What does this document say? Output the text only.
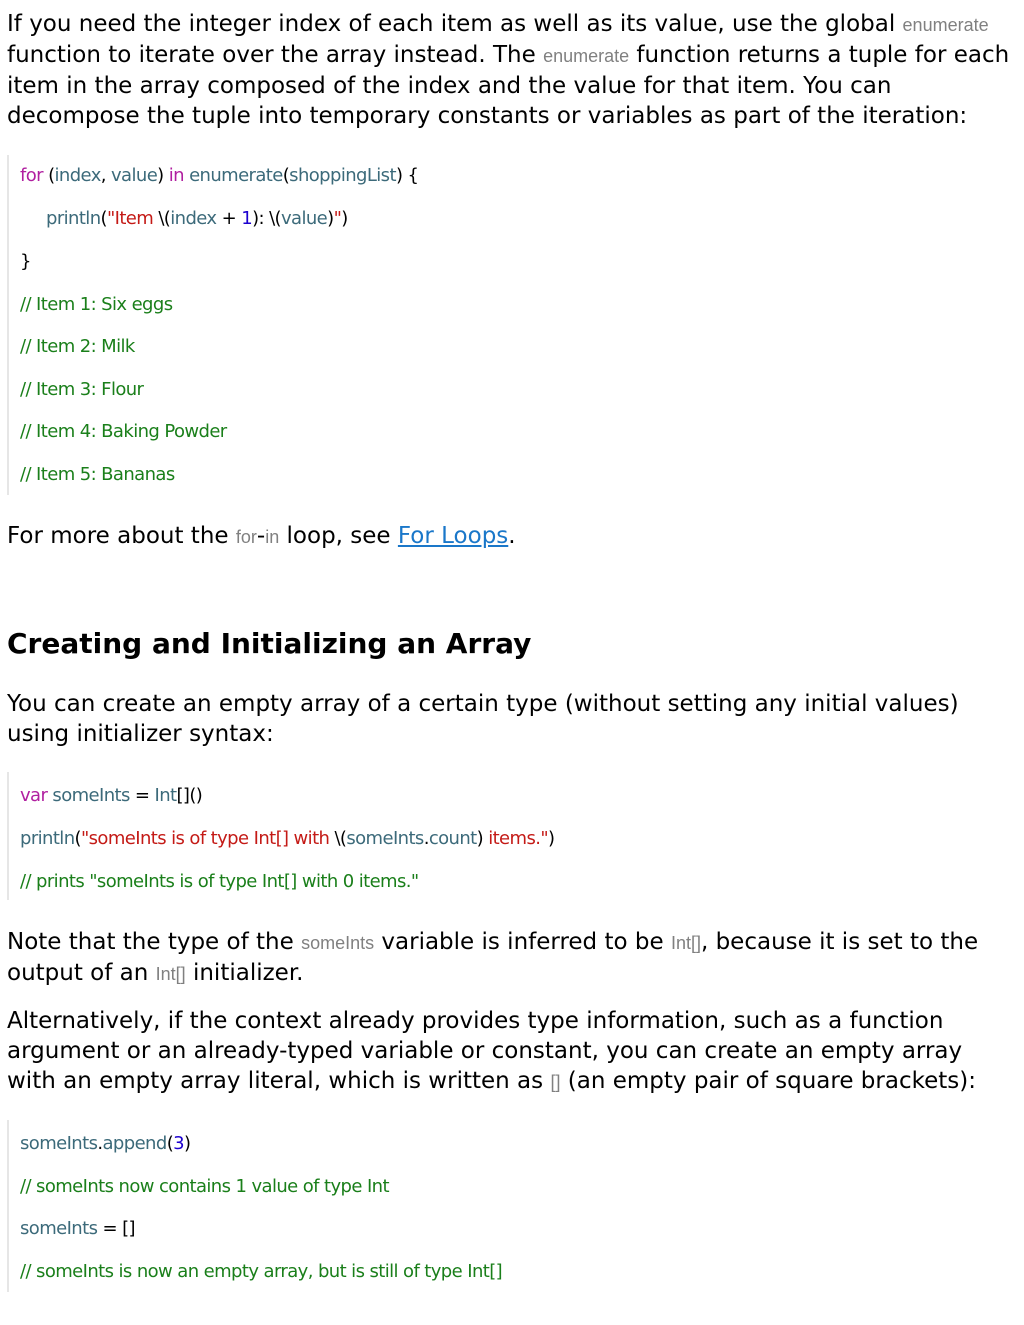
If you need the integer index of each item as well as its value, use the global enumerate function to iterate over the array instead. The enumerate function returns a tuple for each item in the array composed of the index and the value for that item. You can decompose the tuple into temporary constants or variables as part of the iteration:

for (index, value) in enumerate(shoppingList) {
println("Item \(index + 1): \(value)")
}
// Item 1: Six eggs
// Item 2: Milk
// Item 3: Flour
// Item 4: Baking Powder
// Item 5: Bananas

For more about the for-in loop, see For Loops.

Creating and Initializing an Array

You can create an empty array of a certain type (without setting any initial values) using initializer syntax:

var someInts = Int[]()
println("someInts is of type Int[] with \(someInts.count) items.")
// prints "someInts is of type Int[] with 0 items."

Note that the type of the someInts variable is inferred to be Int[], because it is set to the output of an Int[] initializer.

Alternatively, if the context already provides type information, such as a function argument or an already-typed variable or constant, you can create an empty array with an empty array literal, which is written as [] (an empty pair of square brackets):

someInts.append(3)
// someInts now contains 1 value of type Int
someInts = []
// someInts is now an empty array, but is still of type Int[]
